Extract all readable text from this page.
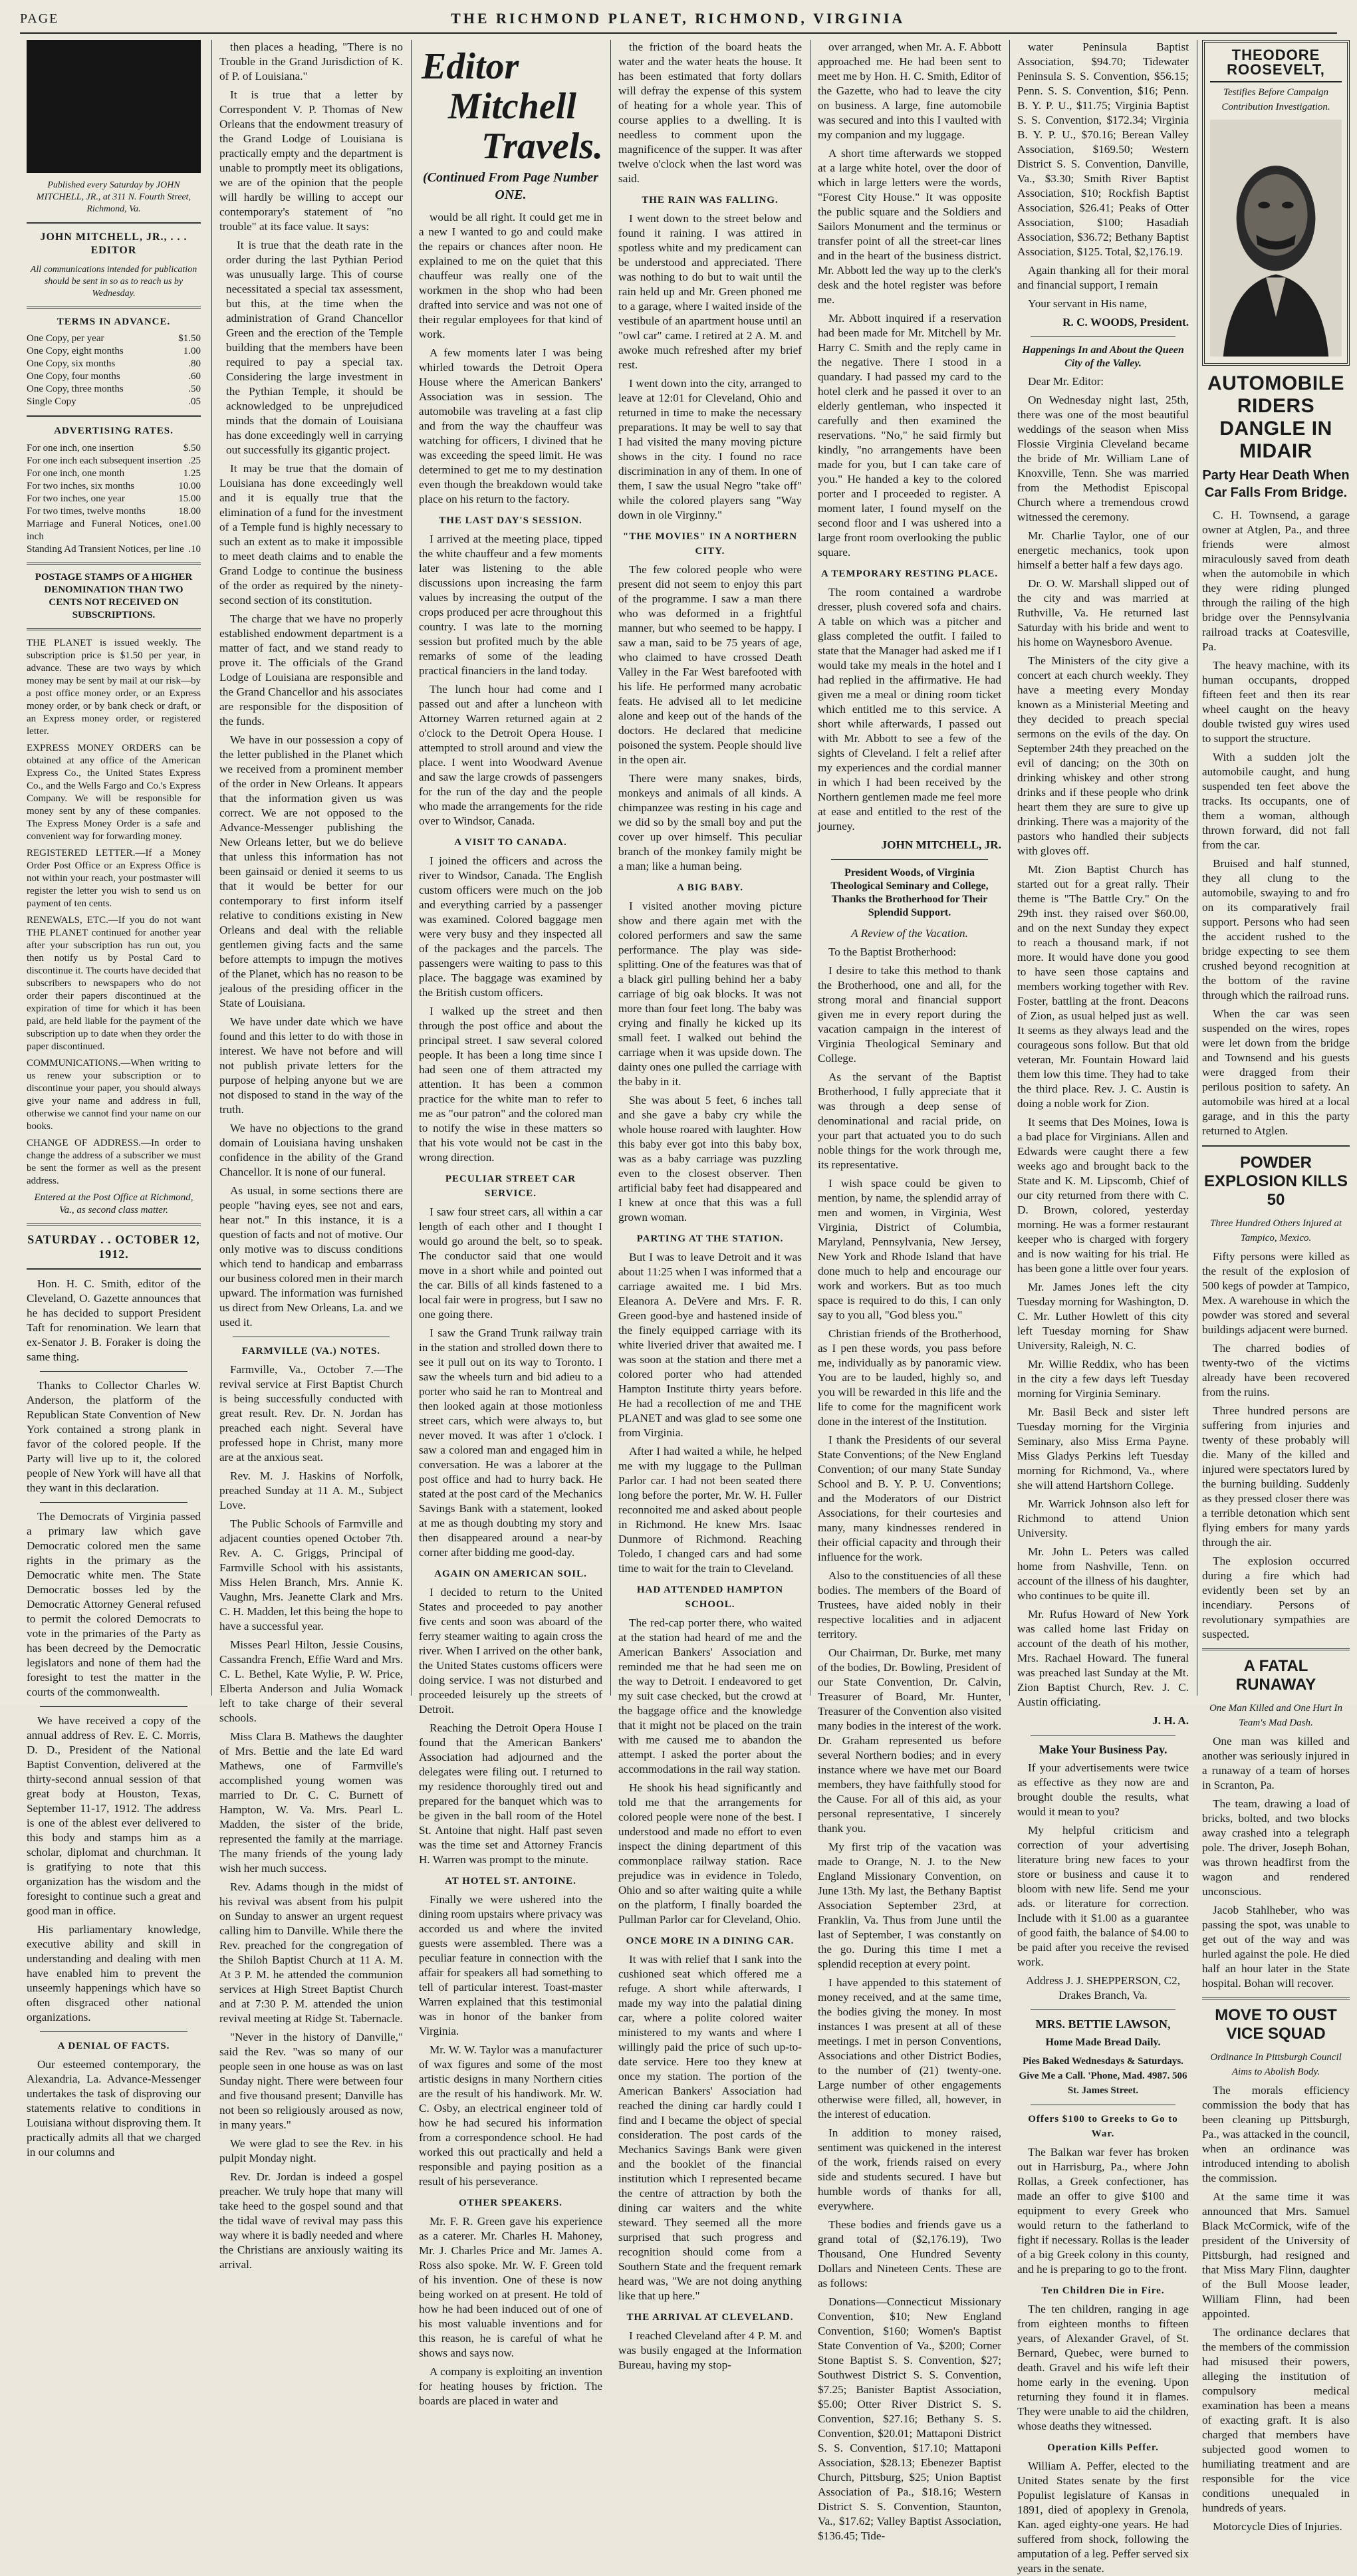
PAGE	THE RICHMOND PLANET, RICHMOND, VIRGINIA
Published every Saturday by JOHN MITCHELL, JR., at 311 N. Fourth Street, Richmond, Va.
JOHN MITCHELL, JR., . . . EDITOR
All communications intended for publication should be sent in so as to reach us by Wednesday.
TERMS IN ADVANCE.
One Copy, per year	$1.50
One Copy, eight months	1.00
One Copy, six months	.80
One Copy, four months	.60
One Copy, three months	.50
Single Copy	.05
ADVERTISING RATES.
For one inch, one insertion	$.50
For one inch each subsequent insertion .25
For one inch, one month	1.25
For two inches, six months	10.00
For two inches, one year	15.00
For two times, twelve months	18.00
Marriage and Funeral Notices, one inch
1.00
Standing Ad Transient Notices, per line .10
POSTAGE STAMPS OF A HIGHER DENOMINATION THAN TWO CENTS NOT RECEIVED ON SUBSCRIPTIONS.
THE PLANET is issued weekly. The subscription price is $1.50 per year, in advance. These are two ways by which money may be sent by mail at our risk—by a post office money order, or an Express money order, or by bank check or draft, or an Express money order, or registered letter.
EXPRESS MONEY ORDERS can be obtained at any office of the American Express Co., the United States Express Co., and the Wells Fargo and Co.'s Express Company. We will be responsible for money sent by any of these companies. The Express Money Order is a safe and convenient way for forwarding money.
REGISTERED LETTER.—If a Money Order Post Office or an Express Office is not within your reach, your postmaster will register the letter you wish to send us on payment of ten cents.
RENEWALS, ETC.—If you do not want THE PLANET continued for another year after your subscription has run out, you then notify us by Postal Card to discontinue it. The courts have decided that subscribers to newspapers who do not order their papers discontinued at the expiration of time for which it has been paid, are held liable for the payment of the subscription up to date when they order the paper discontinued.
COMMUNICATIONS.—When writing to us renew your subscription or to discontinue your paper, you should always give your name and address in full, otherwise we cannot find your name on our books.
CHANGE OF ADDRESS.—In order to change the address of a subscriber we must be sent the former as well as the present address.
Entered at the Post Office at Richmond, Va., as second class matter.
SATURDAY . . OCTOBER 12, 1912.

Hon. H. C. Smith, editor of the Cleveland, O. Gazette announces that he has decided to support President Taft for renomination. We learn that ex-Senator J. B. Foraker is doing the same thing.

Thanks to Collector Charles W. Anderson, the platform of the Republican State Convention of New York contained a strong plank in favor of the colored people. If the Party will live up to it, the colored people of New York will have all that they want in this declaration.

The Democrats of Virginia passed a primary law which gave Democratic colored men the same rights in the primary as the Democratic white men. The State Democratic bosses led by the Democratic Attorney General refused to permit the colored Democrats to vote in the primaries of the Party as has been decreed by the Democratic legislators and none of them had the foresight to test the matter in the courts of the commonwealth.

We have received a copy of the annual address of Rev. E. C. Morris, D. D., President of the National Baptist Convention, delivered at the thirty-second annual session of that great body at Houston, Texas, September 11-17, 1912. The address is one of the ablest ever delivered to this body and stamps him as a scholar, diplomat and churchman. It is gratifying to note that this organization has the wisdom and the foresight to continue such a great and good man in office.

His parliamentary knowledge, executive ability and skill in understanding and dealing with men have enabled him to prevent the unseemly happenings which have so often disgraced other national organizations.

A DENIAL OF FACTS.

Our esteemed contemporary, the Alexandria, La. Advance-Messenger undertakes the task of disproving our statements relative to conditions in Louisiana without disproving them. It practically admits all that we charged in our columns and

then places a heading, "There is no Trouble in the Grand Jurisdiction of K. of P. of Louisiana."

It is true that a letter by Correspondent V. P. Thomas of New Orleans that the endowment treasury of the Grand Lodge of Louisiana is practically empty and the department is unable to promptly meet its obligations, we are of the opinion that the people will hardly be willing to accept our contemporary's statement of "no trouble" at its face value. It says:

It is true that the death rate in the order during the last Pythian Period was unusually large. This of course necessitated a special tax assessment, but this, at the time when the administration of Grand Chancellor Green and the erection of the Temple building that the members have been required to pay a special tax. Considering the large investment in the Pythian Temple, it should be acknowledged to be unprejudiced minds that the domain of Louisiana has done exceedingly well in carrying out successfully its gigantic project.

It may be true that the domain of Louisiana has done exceedingly well and it is equally true that the elimination of a fund for the investment of a Temple fund is highly necessary to such an extent as to make it impossible to meet death claims and to enable the Grand Lodge to continue the business of the order as required by the ninety-second section of its constitution.

The charge that we have no properly established endowment department is a matter of fact, and we stand ready to prove it. The officials of the Grand Lodge of Louisiana are responsible and the Grand Chancellor and his associates are responsible for the disposition of the funds.

We have in our possession a copy of the letter published in the Planet which we received from a prominent member of the order in New Orleans. It appears that the information given us was correct. We are not opposed to the Advance-Messenger publishing the New Orleans letter, but we do believe that unless this information has not been gainsaid or denied it seems to us that it would be better for our contemporary to first inform itself relative to conditions existing in New Orleans and deal with the reliable gentlemen giving facts and the same before attempts to impugn the motives of the Planet, which has no reason to be jealous of the presiding officer in the State of Louisiana.

We have under date which we have found and this letter to do with those in interest. We have not before and will not publish private letters for the purpose of helping anyone but we are not disposed to stand in the way of the truth.

We have no objections to the grand domain of Louisiana having unshaken confidence in the ability of the Grand Chancellor. It is none of our funeral.

As usual, in some sections there are people "having eyes, see not and ears, hear not." In this instance, it is a question of facts and not of motive. Our only motive was to discuss conditions which tend to handicap and embarrass our business colored men in their march upward. The information was furnished us direct from New Orleans, La. and we used it.

FARMVILLE (VA.) NOTES.

Farmville, Va., October 7.—The revival service at First Baptist Church is being successfully conducted with great result. Rev. Dr. N. Jordan has preached each night. Several have professed hope in Christ, many more are at the anxious seat.

Rev. M. J. Haskins of Norfolk, preached Sunday at 11 A. M., Subject Love.

The Public Schools of Farmville and adjacent counties opened October 7th. Rev. A. C. Griggs, Principal of Farmville School with his assistants, Miss Helen Branch, Mrs. Annie K. Vaughn, Mrs. Jeanette Clark and Mrs. C. H. Madden, let this being the hope to have a successful year.

Misses Pearl Hilton, Jessie Cousins, Cassandra French, Effie Ward and Mrs. C. L. Bethel, Kate Wylie, P. W. Price, Elberta Anderson and Julia Womack left to take charge of their several schools.

Miss Clara B. Mathews the daughter of Mrs. Bettie and the late Ed ward Mathews, one of Farmville's accomplished young women was married to Dr. C. C. Burnett of Hampton, W. Va. Mrs. Pearl L. Madden, the sister of the bride, represented the family at the marriage. The many friends of the young lady wish her much success.

Rev. Adams though in the midst of his revival was absent from his pulpit on Sunday to answer an urgent request calling him to Danville. While there the Rev. preached for the congregation of the Shiloh Baptist Church at 11 A. M. At 3 P. M. he attended the communion services at High Street Baptist Church and at 7:30 P. M. attended the union revival meeting at Ridge St. Tabernacle.

"Never in the history of Danville," said the Rev. "was so many of our people seen in one house as was on last Sunday night. There were between four and five thousand present; Danville has not been so religiously aroused as now, in many years."

We were glad to see the Rev. in his pulpit Monday night.

Rev. Dr. Jordan is indeed a gospel preacher. We truly hope that many will take heed to the gospel sound and that the tidal wave of revival may pass this way where it is badly needed and where the Christians are anxiously waiting its arrival.

Editor
Mitchell
Travels.
(Continued From Page Number ONE.

would be all right. It could get me in a new I wanted to go and could make the repairs or chances after noon. He explained to me on the quiet that this chauffeur was really one of the workmen in the shop who had been drafted into service and was not one of their regular employees for that kind of work.

A few moments later I was being whirled towards the Detroit Opera House where the American Bankers' Association was in session. The automobile was traveling at a fast clip and from the way the chauffeur was watching for officers, I divined that he was exceeding the speed limit. He was determined to get me to my destination even though the breakdown would take place on his return to the factory.

THE LAST DAY'S SESSION.

I arrived at the meeting place, tipped the white chauffeur and a few moments later was listening to the able discussions upon increasing the farm values by increasing the output of the crops produced per acre throughout this country. I was late to the morning session but profited much by the able remarks of some of the leading practical financiers in the land today.

The lunch hour had come and I passed out and after a luncheon with Attorney Warren returned again at 2 o'clock to the Detroit Opera House. I attempted to stroll around and view the place. I went into Woodward Avenue and saw the large crowds of passengers for the run of the day and the people who made the arrangements for the ride over to Windsor, Canada.

A VISIT TO CANADA.

I joined the officers and across the river to Windsor, Canada. The English custom officers were much on the job and everything carried by a passenger was examined. Colored baggage men were very busy and they inspected all of the packages and the parcels. The passengers were waiting to pass to this place. The baggage was examined by the British custom officers.

I walked up the street and then through the post office and about the principal street. I saw several colored people. It has been a long time since I had seen one of them attracted my attention. It has been a common practice for the white man to refer to me as "our patron" and the colored man to notify the wise in these matters so that his vote would not be cast in the wrong direction.

PECULIAR STREET CAR SERVICE.

I saw four street cars, all within a car length of each other and I thought I would go around the belt, so to speak. The conductor said that one would move in a short while and pointed out the car. Bills of all kinds fastened to a local fair were in progress, but I saw no one going there.

I saw the Grand Trunk railway train in the station and strolled down there to see it pull out on its way to Toronto. I saw the wheels turn and bid adieu to a porter who said he ran to Montreal and then looked again at those motionless street cars, which were always to, but never moved. It was after 1 o'clock. I saw a colored man and engaged him in conversation. He was a laborer at the post office and had to hurry back. He stated at the post card of the Mechanics Savings Bank with a statement, looked at me as though doubting my story and then disappeared around a near-by corner after bidding me good-day.

AGAIN ON AMERICAN SOIL.

I decided to return to the United States and proceeded to pay another five cents and soon was aboard of the ferry steamer waiting to again cross the river. When I arrived on the other bank, the United States customs officers were doing service. I was not disturbed and proceeded leisurely up the streets of Detroit.

Reaching the Detroit Opera House I found that the American Bankers' Association had adjourned and the delegates were filing out. I returned to my residence thoroughly tired out and prepared for the banquet which was to be given in the ball room of the Hotel St. Antoine that night. Half past seven was the time set and Attorney Francis H. Warren was prompt to the minute.

AT HOTEL ST. ANTOINE.

Finally we were ushered into the dining room upstairs where privacy was accorded us and where the invited guests were assembled. There was a peculiar feature in connection with the affair for speakers all had something to tell of particular interest. Toast-master Warren explained that this testimonial was in honor of the banker from Virginia.

Mr. W. W. Taylor was a manufacturer of wax figures and some of the most artistic designs in many Northern cities are the result of his handiwork. Mr. W. C. Osby, an electrical engineer told of how he had secured his information from a correspondence school. He had worked this out practically and held a responsible and paying position as a result of his perseverance.

OTHER SPEAKERS.

Mr. F. R. Green gave his experience as a caterer. Mr. Charles H. Mahoney, Mr. J. Charles Price and Mr. James A. Ross also spoke. Mr. W. F. Green told of his invention. One of these is now being worked on at present. He told of how he had been induced out of one of his most valuable inventions and for this reason, he is careful of what he shows and says now.

A company is exploiting an invention for heating houses by friction. The boards are placed in water and

the friction of the board heats the water and the water heats the house. It has been estimated that forty dollars will defray the expense of this system of heating for a whole year. This of course applies to a dwelling. It is needless to comment upon the magnificence of the supper. It was after twelve o'clock when the last word was said.

THE RAIN WAS FALLING.

I went down to the street below and found it raining. I was attired in spotless white and my predicament can be understood and appreciated. There was nothing to do but to wait until the rain held up and Mr. Green phoned me to a garage, where I waited inside of the vestibule of an apartment house until an "owl car" came. I retired at 2 A. M. and awoke much refreshed after my brief rest.

I went down into the city, arranged to leave at 12:01 for Cleveland, Ohio and returned in time to make the necessary preparations. It may be well to say that I had visited the many moving picture shows in the city. I found no race discrimination in any of them. In one of them, I saw the usual Negro "take off" while the colored players sang "Way down in ole Virginny."

"THE MOVIES" IN A NORTHERN CITY.

The few colored people who were present did not seem to enjoy this part of the programme. I saw a man there who was deformed in a frightful manner, but who seemed to be happy. I saw a man, said to be 75 years of age, who claimed to have crossed Death Valley in the Far West barefooted with his life. He performed many acrobatic feats. He advised all to let medicine alone and keep out of the hands of the doctors. He declared that medicine poisoned the system. People should live in the open air.

There were many snakes, birds, monkeys and animals of all kinds. A chimpanzee was resting in his cage and we did so by the small boy and put the cover up over himself. This peculiar branch of the monkey family might be a man; like a human being.

A BIG BABY.

I visited another moving picture show and there again met with the colored performers and saw the same performance. The play was side-splitting. One of the features was that of a black girl pulling behind her a baby carriage of big oak blocks. It was not more than four feet long. The baby was crying and finally he kicked up its small feet. I walked out behind the carriage when it was upside down. The dainty ones one pulled the carriage with the baby in it.

She was about 5 feet, 6 inches tall and she gave a baby cry while the whole house roared with laughter. How this baby ever got into this baby box, was as a baby carriage was puzzling even to the closest observer. Then artificial baby feet had disappeared and I knew at once that this was a full grown woman.

PARTING AT THE STATION.

But I was to leave Detroit and it was about 11:25 when I was informed that a carriage awaited me. I bid Mrs. Eleanora A. DeVere and Mrs. F. R. Green good-bye and hastened inside of the finely equipped carriage with its white liveried driver that awaited me. I was soon at the station and there met a colored porter who had attended Hampton Institute thirty years before. He had a recollection of me and THE PLANET and was glad to see some one from Virginia.

After I had waited a while, he helped me with my luggage to the Pullman Parlor car. I had not been seated there long before the porter, Mr. W. H. Fuller reconnoited me and asked about people in Richmond. He knew Mrs. Isaac Dunmore of Richmond. Reaching Toledo, I changed cars and had some time to wait for the train to Cleveland.

HAD ATTENDED HAMPTON SCHOOL.

The red-cap porter there, who waited at the station had heard of me and the American Bankers' Association and reminded me that he had seen me on the way to Detroit. I endeavored to get my suit case checked, but the crowd at the baggage office and the knowledge that it might not be placed on the train with me caused me to abandon the attempt. I asked the porter about the accommodations in the rail way station.

He shook his head significantly and told me that the arrangements for colored people were none of the best. I understood and made no effort to even inspect the dining department of this commonplace railway station. Race prejudice was in evidence in Toledo, Ohio and so after waiting quite a while on the platform, I finally boarded the Pullman Parlor car for Cleveland, Ohio.

ONCE MORE IN A DINING CAR.

It was with relief that I sank into the cushioned seat which offered me a refuge. A short while afterwards, I made my way into the palatial dining car, where a polite colored waiter ministered to my wants and where I willingly paid the price of such up-to-date service. Here too they knew at once my station. The portion of the American Bankers' Association had reached the dining car hardly could I find and I became the object of special consideration. The post cards of the Mechanics Savings Bank were given and the booklet of the financial institution which I represented became the centre of attraction by both the dining car waiters and the white steward. They seemed all the more surprised that such progress and recognition should come from a Southern State and the frequent remark heard was, "We are not doing anything like that up here."

THE ARRIVAL AT CLEVELAND.

I reached Cleveland after 4 P. M. and was busily engaged at the Information Bureau, having my stop-

over arranged, when Mr. A. F. Abbott approached me. He had been sent to meet me by Hon. H. C. Smith, Editor of the Gazette, who had to leave the city on business. A large, fine automobile was secured and into this I vaulted with my companion and my luggage.

A short time afterwards we stopped at a large white hotel, over the door of which in large letters were the words, "Forest City House." It was opposite the public square and the Soldiers and Sailors Monument and the terminus or transfer point of all the street-car lines and in the heart of the business district. Mr. Abbott led the way up to the clerk's desk and the hotel register was before me.

Mr. Abbott inquired if a reservation had been made for Mr. Mitchell by Mr. Harry C. Smith and the reply came in the negative. There I stood in a quandary. I had passed my card to the hotel clerk and he passed it over to an elderly gentleman, who inspected it carefully and then examined the reservations. "No," he said firmly but kindly, "no arrangements have been made for you, but I can take care of you." He handed a key to the colored porter and I proceeded to register. A moment later, I found myself on the second floor and I was ushered into a large front room overlooking the public square.

A TEMPORARY RESTING PLACE.

The room contained a wardrobe dresser, plush covered sofa and chairs. A table on which was a pitcher and glass completed the outfit. I failed to state that the Manager had asked me if I would take my meals in the hotel and I had replied in the affirmative. He had given me a meal or dining room ticket which entitled me to this service. A short while afterwards, I passed out with Mr. Abbott to see a few of the sights of Cleveland. I felt a relief after my experiences and the cordial manner in which I had been received by the Northern gentlemen made me feel more at ease and entitled to the rest of the journey.

JOHN MITCHELL, JR.
President Woods, of Virginia Theological Seminary and College, Thanks the Brotherhood for Their Splendid Support.
A Review of the Vacation.

To the Baptist Brotherhood:

I desire to take this method to thank the Brotherhood, one and all, for the strong moral and financial support given me in every report during the vacation campaign in the interest of Virginia Theological Seminary and College.

As the servant of the Baptist Brotherhood, I fully appreciate that it was through a deep sense of denominational and racial pride, on your part that actuated you to do such noble things for the work through me, its representative.

I wish space could be given to mention, by name, the splendid array of men and women, in Virginia, West Virginia, District of Columbia, Maryland, Pennsylvania, New Jersey, New York and Rhode Island that have done much to help and encourage our work and workers. But as too much space is required to do this, I can only say to you all, "God bless you."

Christian friends of the Brotherhood, as I pen these words, you pass before me, individually as by panoramic view. You are to be lauded, highly so, and you will be rewarded in this life and the life to come for the magnificent work done in the interest of the Institution.

I thank the Presidents of our several State Conventions; of the New England Convention; of our many State Sunday School and B. Y. P. U. Conventions; and the Moderators of our District Associations, for their courtesies and many, many kindnesses rendered in their official capacity and through their influence for the work.

Also to the constituencies of all these bodies. The members of the Board of Trustees, have aided nobly in their respective localities and in adjacent territory.

Our Chairman, Dr. Burke, met many of the bodies, Dr. Bowling, President of our State Convention, Dr. Calvin, Treasurer of Board, Mr. Hunter, Treasurer of the Convention also visited many bodies in the interest of the work. Dr. Graham represented us before several Northern bodies; and in every instance where we have met our Board members, they have faithfully stood for the Cause. For all of this aid, as your personal representative, I sincerely thank you.

My first trip of the vacation was made to Orange, N. J. to the New England Missionary Convention, on June 13th. My last, the Bethany Baptist Association September 23rd, at Franklin, Va. Thus from June until the last of September, I was constantly on the go. During this time I met a splendid reception at every point.

I have appended to this statement of money received, and at the same time, the bodies giving the money. In most instances I was present at all of these meetings. I met in person Conventions, Associations and other District Bodies, to the number of (21) twenty-one. Large number of other engagements otherwise were filled, all, however, in the interest of education.

In addition to money raised, sentiment was quickened in the interest of the work, friends raised on every side and students secured. I have but humble words of thanks for all, everywhere.

These bodies and friends gave us a grand total of ($2,176.19), Two Thousand, One Hundred Seventy Dollars and Nineteen Cents. These are as follows:

Donations—Connecticut Missionary Convention, $10; New England Convention, $160; Women's Baptist State Convention of Va., $200; Corner Stone Baptist S. S. Convention, $27; Southwest District S. S. Convention, $7.25; Banister Baptist Association, $5.00; Otter River District S. S. Convention, $27.16; Bethany S. S. Convention, $20.01; Mattaponi District S. S. Convention, $17.10; Mattaponi Association, $28.13; Ebenezer Baptist Church, Pittsburg, $25; Union Baptist Association of Pa., $18.16; Western District S. S. Convention, Staunton, Va., $17.62; Valley Baptist Association, $136.45; Tide-

water Peninsula Baptist Association, $94.70; Tidewater Peninsula S. S. Convention, $56.15; Penn. S. S. Convention, $16; Penn. B. Y. P. U., $11.75; Virginia Baptist S. S. Convention, $172.34; Virginia B. Y. P. U., $70.16; Berean Valley Association, $169.50; Western District S. S. Convention, Danville, Va., $3.30; Smith River Baptist Association, $10; Rockfish Baptist Association, $26.41; Peaks of Otter Association, $100; Hasadiah Association, $36.72; Bethany Baptist Association, $125. Total, $2,176.19.

Again thanking all for their moral and financial support, I remain

Your servant in His name,

R. C. WOODS, President.
Happenings In and About the Queen City of the Valley.

Dear Mr. Editor:

On Wednesday night last, 25th, there was one of the most beautiful weddings of the season when Miss Flossie Virginia Cleveland became the bride of Mr. William Lane of Knoxville, Tenn. She was married from the Methodist Episcopal Church where a tremendous crowd witnessed the ceremony.

Mr. Charlie Taylor, one of our energetic mechanics, took upon himself a better half a few days ago.

Dr. O. W. Marshall slipped out of the city and was married at Ruthville, Va. He returned last Saturday with his bride and went to his home on Waynesboro Avenue.

The Ministers of the city give a concert at each church weekly. They have a meeting every Monday known as a Ministerial Meeting and they decided to preach special sermons on the evils of the day. On September 24th they preached on the evil of dancing; on the 30th on drinking whiskey and other strong drinks and if these people who drink heart them they are sure to give up drinking. There was a majority of the pastors who handled their subjects with gloves off.

Mt. Zion Baptist Church has started out for a great rally. Their theme is "The Battle Cry." On the 29th inst. they raised over $60.00, and on the next Sunday they expect to reach a thousand mark, if not more. It would have done you good to have seen those captains and members working together with Rev. Foster, battling at the front. Deacons of Zion, as usual helped just as well. It seems as they always lead and the courageous sons follow. But that old veteran, Mr. Fountain Howard laid them low this time. They had to take the third place. Rev. J. C. Austin is doing a noble work for Zion.

It seems that Des Moines, Iowa is a bad place for Virginians. Allen and Edwards were caught there a few weeks ago and brought back to the State and K. M. Lipscomb, Chief of our city returned from there with C. D. Brown, colored, yesterday morning. He was a former restaurant keeper who is charged with forgery and is now waiting for his trial. He has been gone a little over four years.

Mr. James Jones left the city Tuesday morning for Washington, D. C. Mr. Luther Howlett of this city left Tuesday morning for Shaw University, Raleigh, N. C.

Mr. Willie Reddix, who has been in the city a few days left Tuesday morning for Virginia Seminary.

Mr. Basil Beck and sister left Tuesday morning for the Virginia Seminary, also Miss Erma Payne. Miss Gladys Perkins left Tuesday morning for Richmond, Va., where she will attend Hartshorn College.

Mr. Warrick Johnson also left for Richmond to attend Union University.

Mr. John L. Peters was called home from Nashville, Tenn. on account of the illness of his daughter, who continues to be quite ill.

Mr. Rufus Howard of New York was called home last Friday on account of the death of his mother, Mrs. Rachael Howard. The funeral was preached last Sunday at the Mt. Zion Baptist Church, Rev. J. C. Austin officiating.

J. H. A.
Make Your Business Pay.

If your advertisements were twice as effective as they now are and brought double the results, what would it mean to you?

My helpful criticism and correction of your advertising literature bring new faces to your store or business and cause it to bloom with new life. Send me your ads. or literature for correction. Include with it $1.00 as a guarantee of good faith, the balance of $4.00 to be paid after you receive the revised work.

Address J. J. SHEPPERSON, C2, Drakes Branch, Va.
MRS. BETTIE LAWSON,
Home Made Bread Daily.
Pies Baked Wednesdays & Saturdays. Give Me a Call. 'Phone, Mad. 4987. 506 St. James Street.
Offers $100 to Greeks to Go to War.

The Balkan war fever has broken out in Harrisburg, Pa., where John Rollas, a Greek confectioner, has made an offer to give $100 and equipment to every Greek who would return to the fatherland to fight if necessary. Rollas is the leader of a big Greek colony in this county, and he is preparing to go to the front.

Ten Children Die in Fire.

The ten children, ranging in age from eighteen months to fifteen years, of Alexander Gravel, of St. Bernard, Quebec, were burned to death. Gravel and his wife left their home early in the evening. Upon returning they found it in flames. They were unable to aid the children, whose deaths they witnessed.

Operation Kills Peffer.

William A. Peffer, elected to the United States senate by the first Populist legislature of Kansas in 1891, died of apoplexy in Grenola, Kan. aged eighty-one years. He had suffered from shock, following the amputation of a leg. Peffer served six years in the senate.

THEODORE ROOSEVELT,
Testifies Before Campaign Contribution Investigation.
AUTOMOBILE RIDERS DANGLE IN MIDAIR
Party Hear Death When Car Falls From Bridge.

C. H. Townsend, a garage owner at Atglen, Pa., and three friends were almost miraculously saved from death when the automobile in which they were riding plunged through the railing of the high bridge over the Pennsylvania railroad tracks at Coatesville, Pa.

The heavy machine, with its human occupants, dropped fifteen feet and then its rear wheel caught on the heavy double twisted guy wires used to support the structure.

With a sudden jolt the automobile caught, and hung suspended ten feet above the tracks. Its occupants, one of them a woman, although thrown forward, did not fall from the car.

Bruised and half stunned, they all clung to the automobile, swaying to and fro on its comparatively frail support. Persons who had seen the accident rushed to the bridge expecting to see them crushed beyond recognition at the bottom of the ravine through which the railroad runs.

When the car was seen suspended on the wires, ropes were let down from the bridge and Townsend and his guests were dragged from their perilous position to safety. An automobile was hired at a local garage, and in this the party returned to Atglen.

POWDER EXPLOSION KILLS 50
Three Hundred Others Injured at Tampico, Mexico.

Fifty persons were killed as the result of the explosion of 500 kegs of powder at Tampico, Mex. A warehouse in which the powder was stored and several buildings adjacent were burned.

The charred bodies of twenty-two of the victims already have been recovered from the ruins.

Three hundred persons are suffering from injuries and twenty of these probably will die. Many of the killed and injured were spectators lured by the burning building. Suddenly as they pressed closer there was a terrible detonation which sent flying embers for many yards through the air.

The explosion occurred during a fire which had evidently been set by an incendiary. Persons of revolutionary sympathies are suspected.

A FATAL RUNAWAY
One Man Killed and One Hurt In Team's Mad Dash.

One man was killed and another was seriously injured in a runaway of a team of horses in Scranton, Pa.

The team, drawing a load of bricks, bolted, and two blocks away crashed into a telegraph pole. The driver, Joseph Bohan, was thrown headfirst from the wagon and rendered unconscious.

Jacob Stahlheber, who was passing the spot, was unable to get out of the way and was hurled against the pole. He died half an hour later in the State hospital. Bohan will recover.

MOVE TO OUST VICE SQUAD
Ordinance In Pittsburgh Council Aims to Abolish Body.

The morals efficiency commission the body that has been cleaning up Pittsburgh, Pa., was attacked in the council, when an ordinance was introduced intending to abolish the commission.

At the same time it was announced that Mrs. Samuel Black McCormick, wife of the president of the University of Pittsburgh, had resigned and that Miss Mary Flinn, daughter of the Bull Moose leader, William Flinn, had been appointed.

The ordinance declares that the members of the commission had misused their powers, alleging the institution of compulsory medical examination has been a means of exacting graft. It is also charged that members have subjected good women to humiliating treatment and are responsible for the vice conditions unequaled in hundreds of years.

Motorcycle Dies of Injuries.
